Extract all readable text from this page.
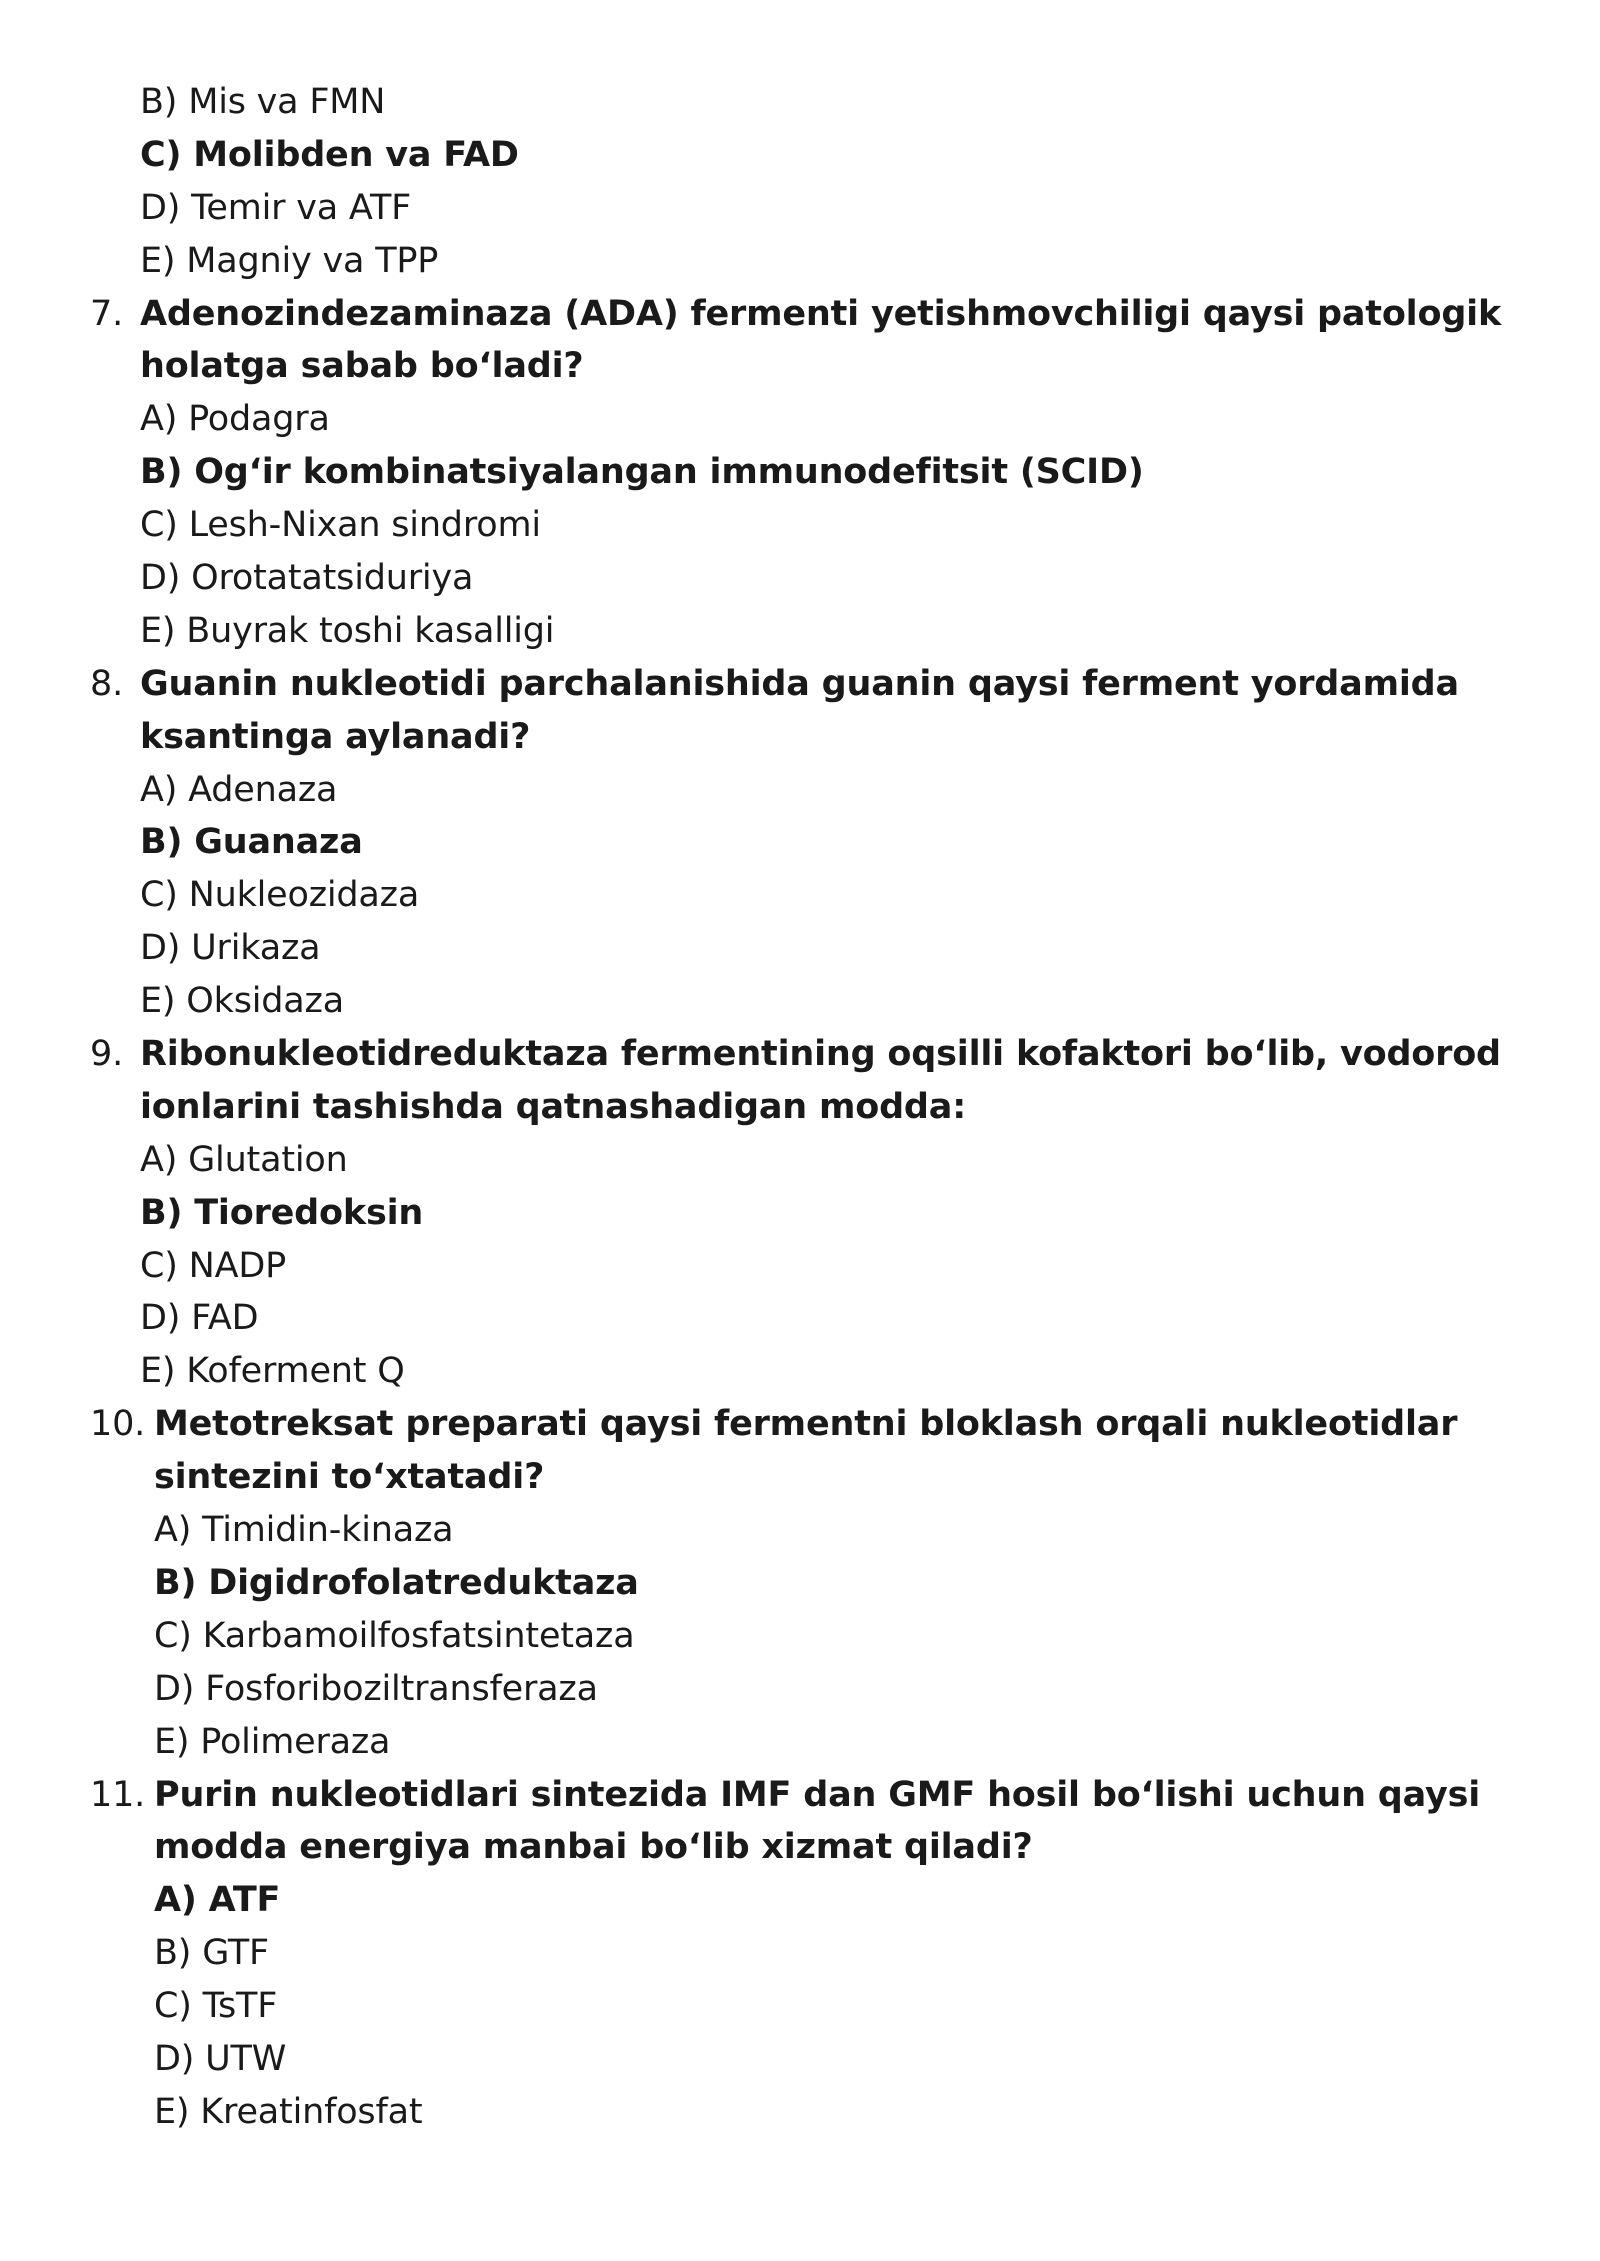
B) Mis va FMN
C) Molibden va FAD
D) Temir va ATF
E) Magniy va TPP
7. Adenozindezaminaza (ADA) fermenti yetishmovchiligi qaysi patologik
holatga sabab bo‘ladi?
A) Podagra
B) Og‘ir kombinatsiyalangan immunodefitsit (SCID)
C) Lesh-Nixan sindromi
D) Orotatatsiduriya
E) Buyrak toshi kasalligi
8. Guanin nukleotidi parchalanishida guanin qaysi ferment yordamida
ksantinga aylanadi?
A) Adenaza
B) Guanaza
C) Nukleozidaza
D) Urikaza
E) Oksidaza
9. Ribonukleotidreduktaza fermentining oqsilli kofaktori bo‘lib, vodorod
ionlarini tashishda qatnashadigan modda:
A) Glutation
B) Tioredoksin
C) NADP
D) FAD
E) Koferment Q
10. Metotreksat preparati qaysi fermentni bloklash orqali nukleotidlar
sintezini to‘xtatadi?
A) Timidin-kinaza
B) Digidrofolatreduktaza
C) Karbamoilfosfatsintetaza
D) Fosforiboziltransferaza
E) Polimeraza
11. Purin nukleotidlari sintezida IMF dan GMF hosil bo‘lishi uchun qaysi
modda energiya manbai bo‘lib xizmat qiladi?
A) ATF
B) GTF
C) TsTF
D) UTW
E) Kreatinfosfat
